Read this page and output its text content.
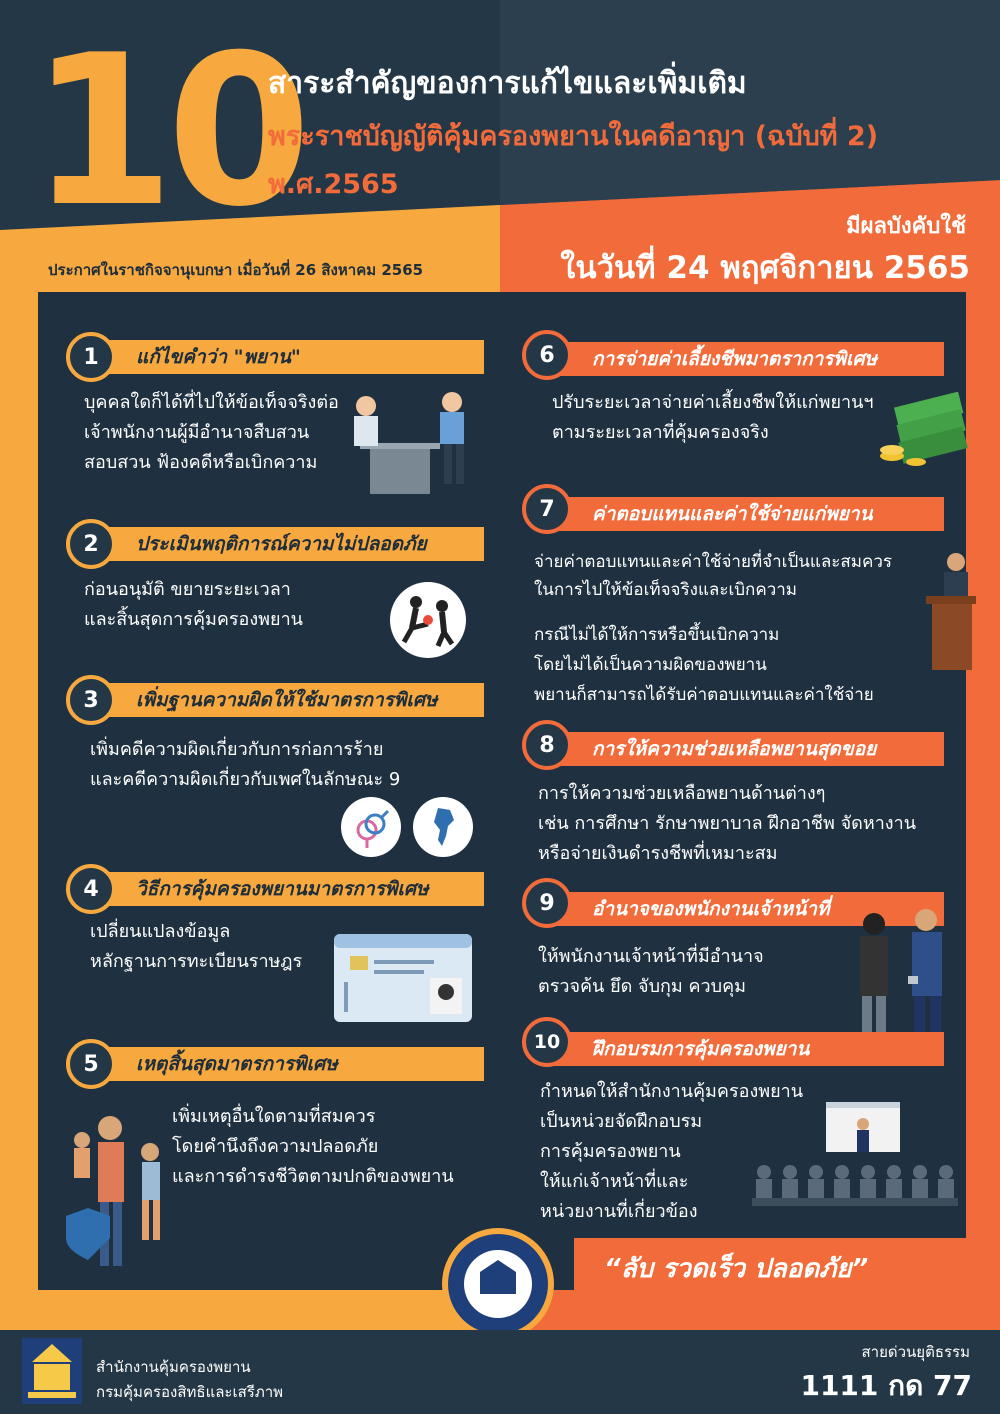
10
สาระสำคัญของการแก้ไขและเพิ่มเติม
พระราชบัญญัติคุ้มครองพยานในคดีอาญา (ฉบับที่ 2)
พ.ศ.2565
ประกาศในราชกิจจานุเบกษา เมื่อวันที่ 26 สิงหาคม 2565
มีผลบังคับใช้
ในวันที่ 24 พฤศจิกายน 2565
แก้ไขคำว่า "พยาน"
1
บุคคลใดก็ได้ที่ไปให้ข้อเท็จจริงต่อ
เจ้าพนักงานผู้มีอำนาจสืบสวน
สอบสวน ฟ้องคดีหรือเบิกความ
ประเมินพฤติการณ์ความไม่ปลอดภัย
2
ก่อนอนุมัติ ขยายระยะเวลา
และสิ้นสุดการคุ้มครองพยาน
เพิ่มฐานความผิดให้ใช้มาตรการพิเศษ
3
เพิ่มคดีความผิดเกี่ยวกับการก่อการร้าย
และคดีความผิดเกี่ยวกับเพศในลักษณะ 9
วิธีการคุ้มครองพยานมาตรการพิเศษ
4
เปลี่ยนแปลงข้อมูล
หลักฐานการทะเบียนราษฎร
เหตุสิ้นสุดมาตรการพิเศษ
5
เพิ่มเหตุอื่นใดตามที่สมควร
โดยคำนึงถึงความปลอดภัย
และการดำรงชีวิตตามปกติของพยาน
การจ่ายค่าเลี้ยงชีพมาตราการพิเศษ
6
ปรับระยะเวลาจ่ายค่าเลี้ยงชีพให้แก่พยานฯ
ตามระยะเวลาที่คุ้มครองจริง
ค่าตอบแทนและค่าใช้จ่ายแก่พยาน
7
จ่ายค่าตอบแทนและค่าใช้จ่ายที่จำเป็นและสมควร
ในการไปให้ข้อเท็จจริงและเบิกความ
กรณีไม่ได้ให้การหรือขึ้นเบิกความ
โดยไม่ได้เป็นความผิดของพยาน
พยานก็สามารถได้รับค่าตอบแทนและค่าใช้จ่าย
การให้ความช่วยเหลือพยานสุดขอย
8
การให้ความช่วยเหลือพยานด้านต่างๆ
เช่น การศึกษา รักษาพยาบาล ฝึกอาชีพ จัดหางาน
หรือจ่ายเงินดำรงชีพที่เหมาะสม
อำนาจของพนักงานเจ้าหน้าที่
9
ให้พนักงานเจ้าหน้าที่มีอำนาจ
ตรวจค้น ยึด จับกุม ควบคุม
ฝึกอบรมการคุ้มครองพยาน
10
กำหนดให้สำนักงานคุ้มครองพยาน
เป็นหน่วยจัดฝึกอบรม
การคุ้มครองพยาน
ให้แก่เจ้าหน้าที่และ
หน่วยงานที่เกี่ยวข้อง
“ลับ รวดเร็ว ปลอดภัย”
สำนักงานคุ้มครองพยาน
กรมคุ้มครองสิทธิและเสรีภาพ
สายด่วนยุติธรรม
1111 กด 77
